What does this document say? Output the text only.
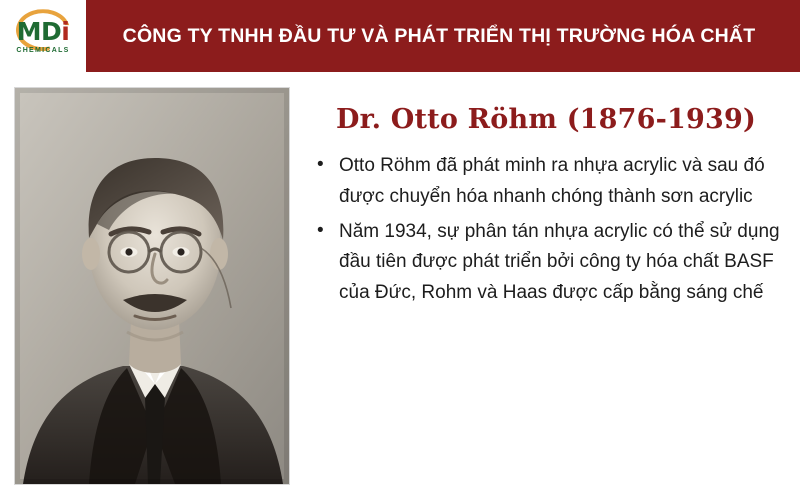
MDi
CHEMICALS
CÔNG TY TNHH ĐẦU TƯ VÀ PHÁT TRIỂN THỊ TRƯỜNG HÓA CHẤT
Dr. Otto Röhm (1876-1939)
• Otto Röhm đã phát minh ra nhựa acrylic và sau đó được chuyển hóa nhanh chóng thành sơn acrylic
• Năm 1934, sự phân tán nhựa acrylic có thể sử dụng đầu tiên được phát triển bởi công ty hóa chất BASF của Đức, Rohm và Haas được cấp bằng sáng chế
